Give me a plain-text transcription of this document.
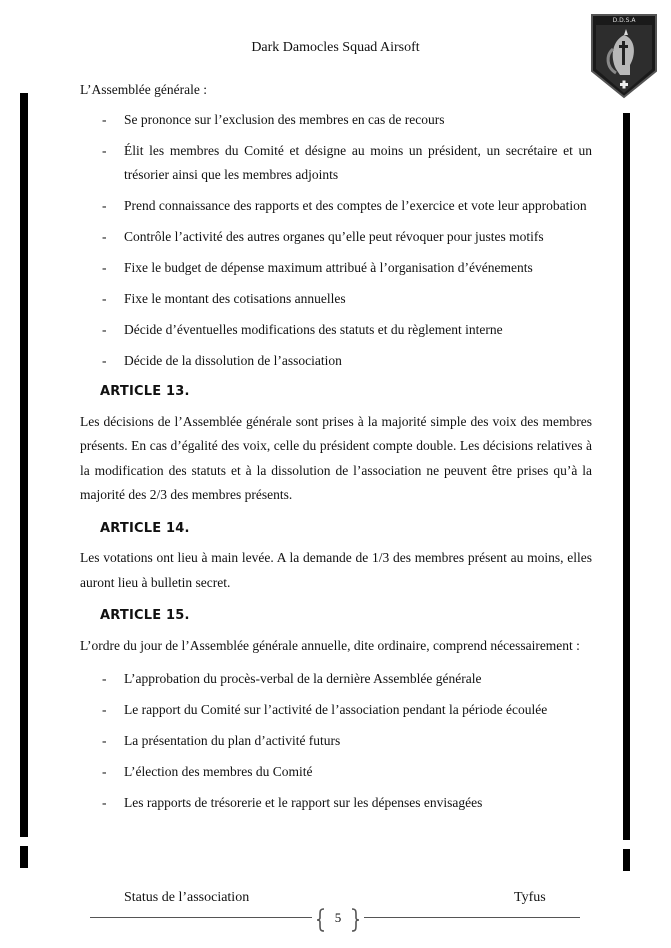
Dark Damocles Squad Airsoft
D.D.S.A

L’Assemblée générale :

- Se prononce sur l’exclusion des membres en cas de recours
- Élit les membres du Comité et désigne au moins un président, un secrétaire et un trésorier ainsi que les membres adjoints
- Prend connaissance des rapports et des comptes de l’exercice et vote leur approbation
- Contrôle l’activité des autres organes qu’elle peut révoquer pour justes motifs
- Fixe le budget de dépense maximum attribué à l’organisation d’événements
- Fixe le montant des cotisations annuelles
- Décide d’éventuelles modifications des statuts et du règlement interne
- Décide de la dissolution de l’association

ARTICLE 13.

Les décisions de l’Assemblée générale sont prises à la majorité simple des voix des membres présents. En cas d’égalité des voix, celle du président compte double. Les décisions relatives à la modification des statuts et à la dissolution de l’association ne peuvent être prises qu’à la majorité des 2/3 des membres présents.

ARTICLE 14.

Les votations ont lieu à main levée. A la demande de 1/3 des membres présent au moins, elles auront lieu à bulletin secret.

ARTICLE 15.

L’ordre du jour de l’Assemblée générale annuelle, dite ordinaire, comprend nécessairement :

- L’approbation du procès-verbal de la dernière Assemblée générale
- Le rapport du Comité sur l’activité de l’association pendant la période écoulée
- La présentation du plan d’activité futurs
- L’élection des membres du Comité
- Les rapports de trésorerie et le rapport sur les dépenses envisagées
Status de l’association	Tyfus
5
